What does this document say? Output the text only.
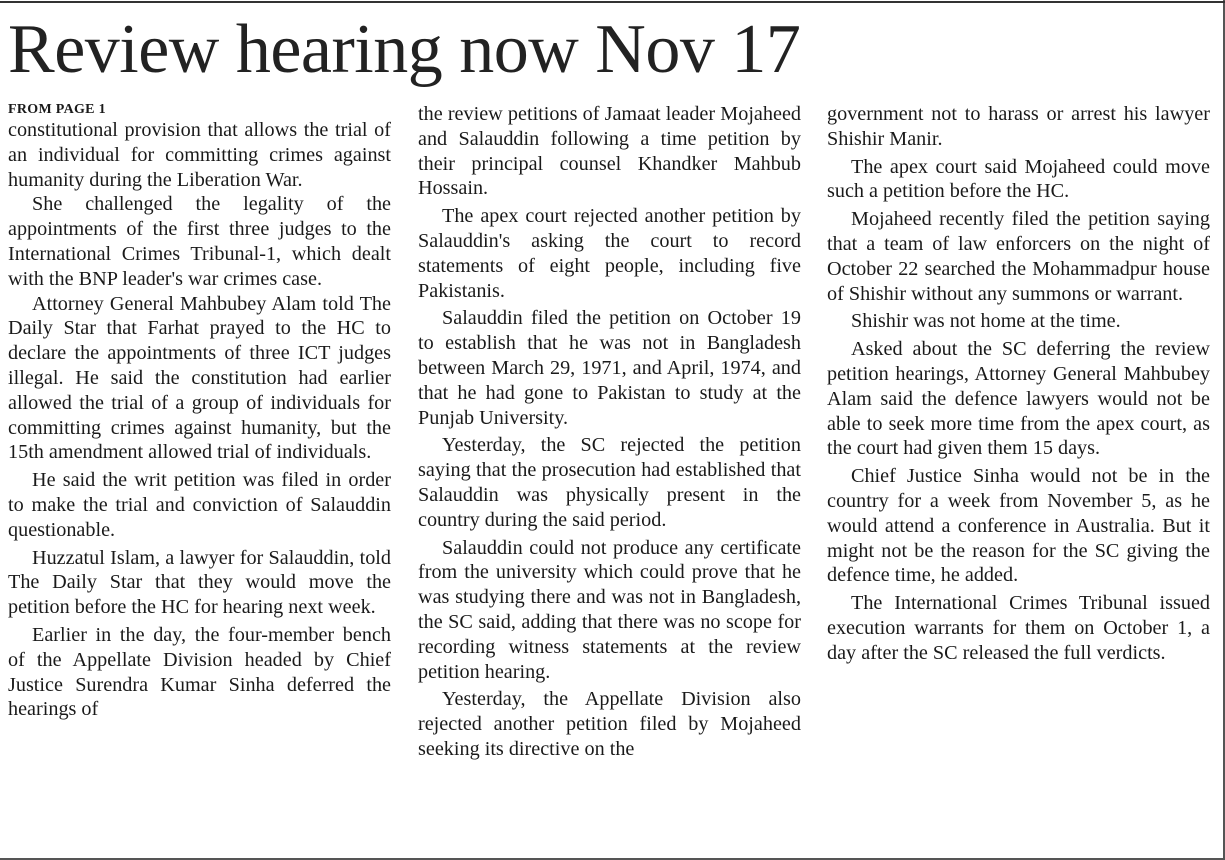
Review hearing now Nov 17
FROM PAGE 1

constitutional provision that allows the trial of an individual for committing crimes against humanity during the Liberation War.

She challenged the legality of the appointments of the first three judges to the International Crimes Tribunal-1, which dealt with the BNP leader's war crimes case.

Attorney General Mahbubey Alam told The Daily Star that Farhat prayed to the HC to declare the appointments of three ICT judges illegal. He said the constitution had earlier allowed the trial of a group of individuals for committing crimes against humanity, but the 15th amendment allowed trial of individuals.

He said the writ petition was filed in order to make the trial and conviction of Salauddin questionable.

Huzzatul Islam, a lawyer for Salauddin, told The Daily Star that they would move the petition before the HC for hearing next week.

Earlier in the day, the four-member bench of the Appellate Division headed by Chief Justice Surendra Kumar Sinha deferred the hearings of

the review petitions of Jamaat leader Mojaheed and Salauddin following a time petition by their principal counsel Khandker Mahbub Hossain.

The apex court rejected another petition by Salauddin's asking the court to record statements of eight people, including five Pakistanis.

Salauddin filed the petition on October 19 to establish that he was not in Bangladesh between March 29, 1971, and April, 1974, and that he had gone to Pakistan to study at the Punjab University.

Yesterday, the SC rejected the petition saying that the prosecution had established that Salauddin was physically present in the country during the said period.

Salauddin could not produce any certificate from the university which could prove that he was studying there and was not in Bangladesh, the SC said, adding that there was no scope for recording witness statements at the review petition hearing.

Yesterday, the Appellate Division also rejected another petition filed by Mojaheed seeking its directive on the

government not to harass or arrest his lawyer Shishir Manir.

The apex court said Mojaheed could move such a petition before the HC.

Mojaheed recently filed the petition saying that a team of law enforcers on the night of October 22 searched the Mohammadpur house of Shishir without any summons or warrant.

Shishir was not home at the time.

Asked about the SC deferring the review petition hearings, Attorney General Mahbubey Alam said the defence lawyers would not be able to seek more time from the apex court, as the court had given them 15 days.

Chief Justice Sinha would not be in the country for a week from November 5, as he would attend a conference in Australia. But it might not be the reason for the SC giving the defence time, he added.

The International Crimes Tribunal issued execution warrants for them on October 1, a day after the SC released the full verdicts.
